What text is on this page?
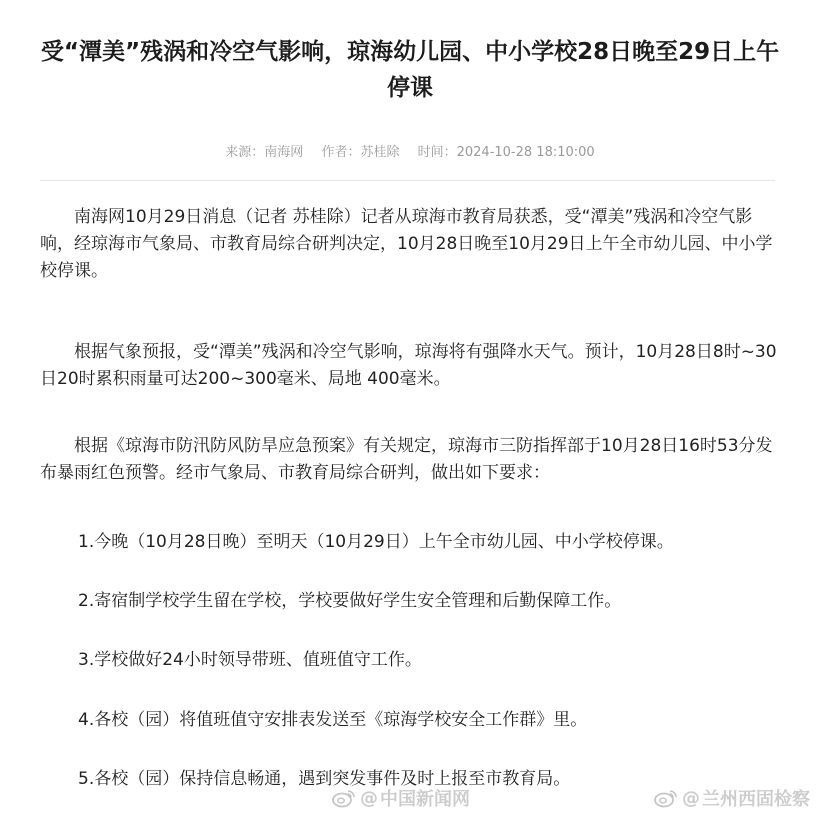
受“潭美”残涡和冷空气影响，琼海幼儿园、中小学校28日晚至29日上午停课
来源：南海网 作者：苏桂除 时间：2024-10-28 18:10:00

南海网10月29日消息（记者 苏桂除）记者从琼海市教育局获悉，受“潭美”残涡和冷空气影响，经琼海市气象局、市教育局综合研判决定，10月28日晚至10月29日上午全市幼儿园、中小学校停课。

根据气象预报，受“潭美”残涡和冷空气影响，琼海将有强降水天气。预计，10月28日8时~30日20时累积雨量可达200~300毫米、局地 400毫米。

根据《琼海市防汛防风防旱应急预案》有关规定，琼海市三防指挥部于10月28日16时53分发布暴雨红色预警。经市气象局、市教育局综合研判，做出如下要求：

1.今晚（10月28日晚）至明天（10月29日）上午全市幼儿园、中小学校停课。

2.寄宿制学校学生留在学校，学校要做好学生安全管理和后勤保障工作。

3.学校做好24小时领导带班、值班值守工作。

4.各校（园）将值班值守安排表发送至《琼海学校安全工作群》里。

5.各校（园）保持信息畅通，遇到突发事件及时上报至市教育局。

@ 中国新闻网	@ 兰州西固检察
